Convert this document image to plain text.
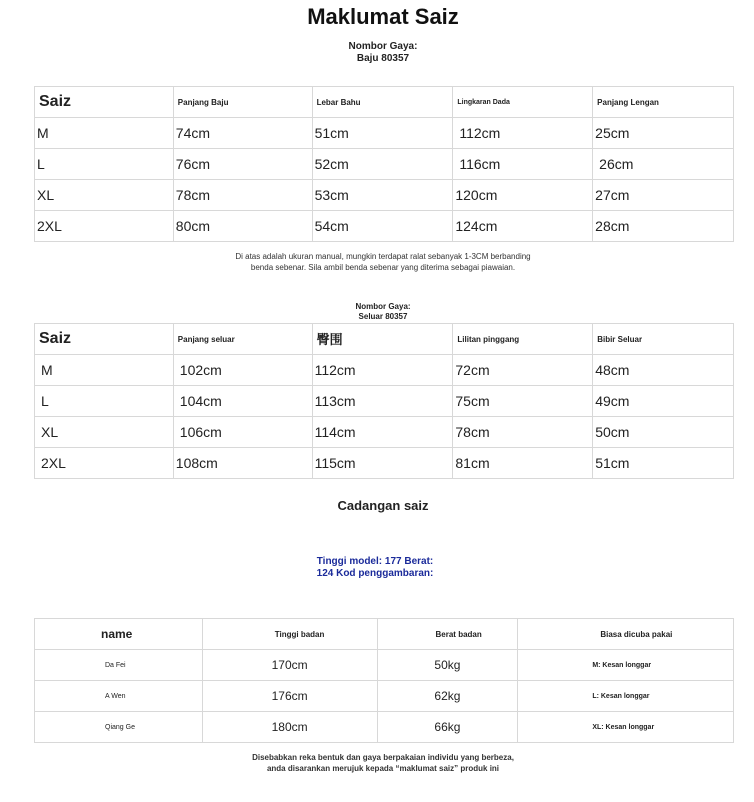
Maklumat Saiz
Nombor Gaya:
Baju 80357
Saiz	Panjang Baju	Lebar Bahu	Lingkaran Dada	Panjang Lengan
M	74cm	51cm	112cm	25cm
L	76cm	52cm	116cm	26cm
XL	78cm	53cm	120cm	27cm
2XL	80cm	54cm	124cm	28cm
Di atas adalah ukuran manual, mungkin terdapat ralat sebanyak 1-3CM berbanding
benda sebenar. Sila ambil benda sebenar yang diterima sebagai piawaian.
Nombor Gaya:
Seluar 80357
Saiz	Panjang seluar	臀围	Lilitan pinggang	Bibir Seluar
M	102cm	112cm	72cm	48cm
L	104cm	113cm	75cm	49cm
XL	106cm	114cm	78cm	50cm
2XL	108cm	115cm	81cm	51cm
Cadangan saiz
Tinggi model: 177 Berat:
124 Kod penggambaran:
name	Tinggi badan	Berat badan	Biasa dicuba pakai
Da Fei	170cm	50kg	M: Kesan longgar
A Wen	176cm	62kg	L: Kesan longgar
Qiang Ge	180cm	66kg	XL: Kesan longgar
Disebabkan reka bentuk dan gaya berpakaian individu yang berbeza,
anda disarankan merujuk kepada “maklumat saiz” produk ini
